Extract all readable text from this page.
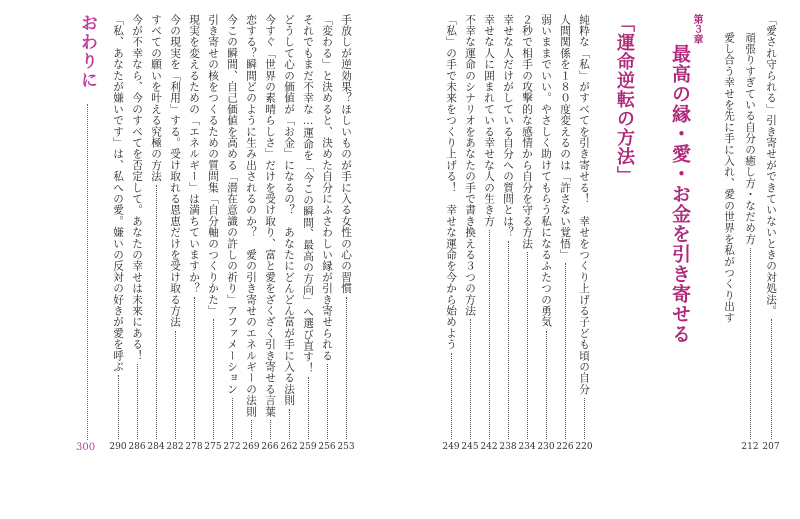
「愛され守られる」引き寄せができていないときの対処法。
207
頑張りすぎている自分の癒し方・なだめ方
212
愛し合う幸せを先に手に入れ、愛の世界を私がつくり出す
第３章
最高の縁・愛・お金を引き寄せる
「運命逆転の方法」
純粋な「私」がすべてを引き寄せる！　幸せをつくり上げる子ども頃の自分
220
人間関係を１８０度変えるのは「許さない覚悟」
226
弱いままでいい。やさしく助けてもらう私になるふたつの勇気
230
２秒で相手の攻撃的な感情から自分を守る方法
234
幸せな人だけがしている自分への質問とは？
238
幸せな人に囲まれている幸せな人の生き方
242
不幸な運命のシナリオをあなたの手で書き換える３つの方法
245
「私」の手で未来をつくり上げる！　幸せな運命を今から始めよう
249
手放しが逆効果？ほしいものが手に入る女性の心の習慣
253
「変わる」と決めると、決めた自分にふさわしい縁が引き寄せられる
256
それでもまだ不幸な…運命を「今この瞬間、最高の方向」へ選び直す！
259
どうして心の価値が「お金」になるの？　あなたにどんどん富が手に入る法則
262
今すぐ「世界の素晴らしさ」だけを受け取り、富と愛をざくざく引き寄せる言葉
266
恋する？瞬間どのように生み出されるのか？　愛の引き寄せのエネルギーの法則
269
今この瞬間、自己価値を高める「潜在意識の許しの祈り」アファメーション
272
引き寄せの核をつくるための質問集「自分軸のつくりかた」
275
現実を変えるための「エネルギー」は満ちていますか？
278
今の現実を「利用」する。受け取れる恩恵だけを受け取る方法
282
すべての願いを叶える究極の方法
284
今が不幸なら、今のすべてを否定して。あなたの幸せは未来にある！
286
「私、あなたが嫌いです」は、私への愛。嫌いの反対の好きが愛を呼ぶ
290
おわりに
300
